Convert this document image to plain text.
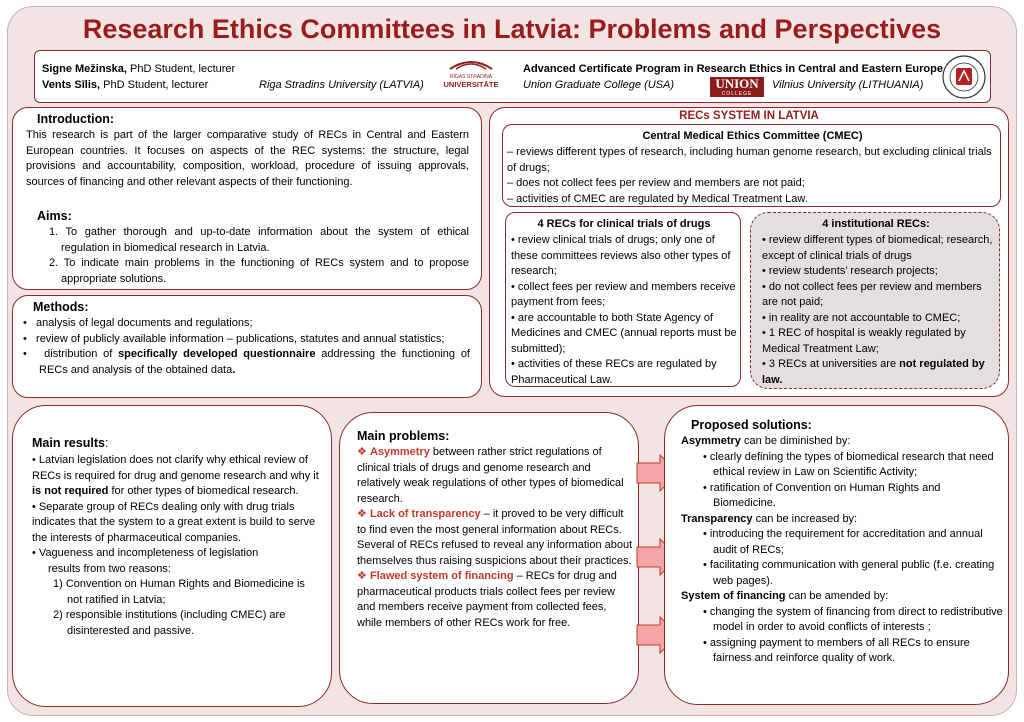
Research Ethics Committees in Latvia: Problems and Perspectives
Signe Mežinska, PhD Student, lecturer
Vents Sīlis, PhD Student, lecturer	Riga Stradins University (LATVIA)
RĪGAS STRADIŅA
UNIVERSITĀTE
Advanced Certificate Program in Research Ethics in Central and Eastern Europe
Union Graduate College (USA)	UNION
COLLEGE
Vilnius University (LITHUANIA)
Introduction:
This research is part of the larger comparative study of RECs in Central and Eastern European countries. It focuses on aspects of the REC systems: the structure, legal provisions and accountability, composition, workload, procedure of issuing approvals, sources of financing and other relevant aspects of their functioning.
Aims:
1. To gather thorough and up-to-date information about the system of ethical regulation in biomedical research in Latvia.
2. To indicate main problems in the functioning of RECs system and to propose appropriate solutions.
Methods:
•   analysis of legal documents and regulations;
•   review of publicly available information – publications, statutes and annual statistics;
•   distribution of specifically developed questionnaire addressing the functioning of RECs and analysis of the obtained data.
RECs SYSTEM IN LATVIA
Central Medical Ethics Committee (CMEC)
– reviews different types of research, including human genome research, but excluding clinical trials of drugs;
– does not collect fees per review and members are not paid;
– activities of CMEC are regulated by Medical Treatment Law.
4 RECs for clinical trials of drugs
• review clinical trials of drugs; only one of these committees reviews also other types of research;
• collect fees per review and members receive payment from fees;
• are accountable to both State Agency of Medicines and CMEC (annual reports must be submitted);
• activities of these RECs are regulated by Pharmaceutical Law.
4 institutional RECs:
• review different types of biomedical; research, except of clinical trials of drugs
• review students’ research projects;
• do not collect fees per review and members are not paid;
• in reality are not accountable to CMEC;
• 1 REC of hospital is weakly regulated by Medical Treatment Law;
• 3 RECs at universities are not regulated by law.
Main results:
• Latvian legislation does not clarify why ethical review of RECs is required for drug and genome research and why it is not required for other types of biomedical research.
• Separate group of RECs dealing only with drug trials indicates that the system to a great extent is build to serve the interests of pharmaceutical companies.
• Vagueness and incompleteness of legislation
results from two reasons:
1) Convention on Human Rights and Biomedicine is not ratified in Latvia;
2) responsible institutions (including CMEC) are disinterested and passive.
Main problems:
❖ Asymmetry between rather strict regulations of clinical trials of drugs and genome research and relatively weak regulations of other types of biomedical research.
❖ Lack of transparency – it proved to be very difficult to find even the most general information about RECs. Several of RECs refused to reveal any information about themselves thus raising suspicions about their practices.
❖ Flawed system of financing – RECs for drug and pharmaceutical products trials collect fees per review and members receive payment from collected fees, while members of other RECs work for free.
Proposed solutions:
Asymmetry can be diminished by:
• clearly defining the types of biomedical research that need ethical review in Law on Scientific Activity;
• ratification of Convention on Human Rights and Biomedicine.
Transparency can be increased by:
• introducing the requirement for accreditation and annual audit of RECs;
• facilitating communication with general public (f.e. creating web pages).
System of financing can be amended by:
• changing the system of financing from direct to redistributive model in order to avoid conflicts of interests ;
• assigning payment to members of all RECs to ensure fairness and reinforce quality of work.
